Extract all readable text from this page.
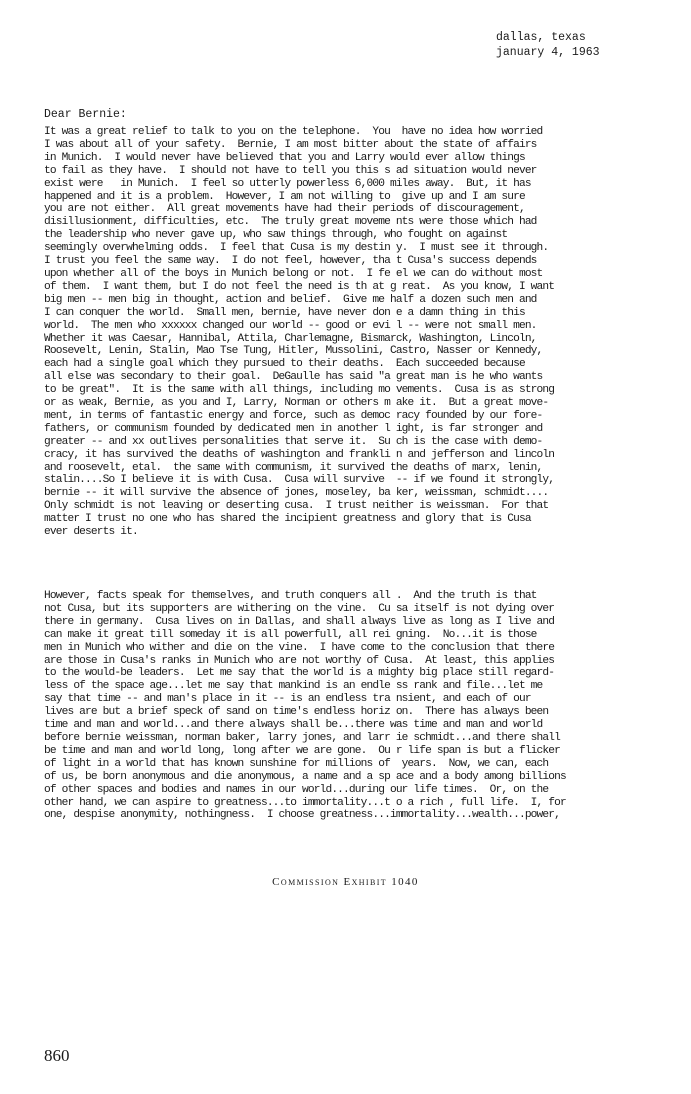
dallas, texas
january 4, 1963
Dear Bernie:
It was a great relief to talk to you on the telephone.  You  have no idea how worried
I was about all of your safety.  Bernie, I am most bitter about the state of affairs
in Munich.  I would never have believed that you and Larry would ever allow things
to fail as they have.  I should not have to tell you this s ad situation would never
exist were   in Munich.  I feel so utterly powerless 6,000 miles away.  But, it has
happened and it is a problem.  However, I am not willing to  give up and I am sure
you are not either.  All great movements have had their periods of discouragement,
disillusionment, difficulties, etc.  The truly great moveme nts were those which had
the leadership who never gave up, who saw things through, who fought on against
seemingly overwhelming odds.  I feel that Cusa is my destin y.  I must see it through.
I trust you feel the same way.  I do not feel, however, tha t Cusa's success depends
upon whether all of the boys in Munich belong or not.  I fe el we can do without most
of them.  I want them, but I do not feel the need is th at g reat.  As you know, I want
big men -- men big in thought, action and belief.  Give me half a dozen such men and
I can conquer the world.  Small men, bernie, have never don e a damn thing in this
world.  The men who xxxxxx changed our world -- good or evi l -- were not small men.
Whether it was Caesar, Hannibal, Attila, Charlemagne, Bismarck, Washington, Lincoln,
Roosevelt, Lenin, Stalin, Mao Tse Tung, Hitler, Mussolini, Castro, Nasser or Kennedy,
each had a single goal which they pursued to their deaths.  Each succeeded because
all else was secondary to their goal.  DeGaulle has said "a great man is he who wants
to be great".  It is the same with all things, including mo vements.  Cusa is as strong
or as weak, Bernie, as you and I, Larry, Norman or others m ake it.  But a great move-
ment, in terms of fantastic energy and force, such as democ racy founded by our fore-
fathers, or communism founded by dedicated men in another l ight, is far stronger and
greater -- and xx outlives personalities that serve it.  Su ch is the case with demo-
cracy, it has survived the deaths of washington and frankli n and jefferson and lincoln
and roosevelt, etal.  the same with communism, it survived the deaths of marx, lenin,
stalin....So I believe it is with Cusa.  Cusa will survive  -- if we found it strongly,
bernie -- it will survive the absence of jones, moseley, ba ker, weissman, schmidt....
Only schmidt is not leaving or deserting cusa.  I trust neither is weissman.  For that
matter I trust no one who has shared the incipient greatness and glory that is Cusa
ever deserts it.
However, facts speak for themselves, and truth conquers all .  And the truth is that
not Cusa, but its supporters are withering on the vine.  Cu sa itself is not dying over
there in germany.  Cusa lives on in Dallas, and shall always live as long as I live and
can make it great till someday it is all powerfull, all rei gning.  No...it is those
men in Munich who wither and die on the vine.  I have come to the conclusion that there
are those in Cusa's ranks in Munich who are not worthy of Cusa.  At least, this applies
to the would-be leaders.  Let me say that the world is a mighty big place still regard-
less of the space age...let me say that mankind is an endle ss rank and file...let me
say that time -- and man's place in it -- is an endless tra nsient, and each of our
lives are but a brief speck of sand on time's endless horiz on.  There has always been
time and man and world...and there always shall be...there was time and man and world
before bernie weissman, norman baker, larry jones, and larr ie schmidt...and there shall
be time and man and world long, long after we are gone.  Ou r life span is but a flicker
of light in a world that has known sunshine for millions of  years.  Now, we can, each
of us, be born anonymous and die anonymous, a name and a sp ace and a body among billions
of other spaces and bodies and names in our world...during our life times.  Or, on the
other hand, we can aspire to greatness...to immortality...t o a rich , full life.  I, for
one, despise anonymity, nothingness.  I choose greatness...immortality...wealth...power,
Commission Exhibit 1040
860
